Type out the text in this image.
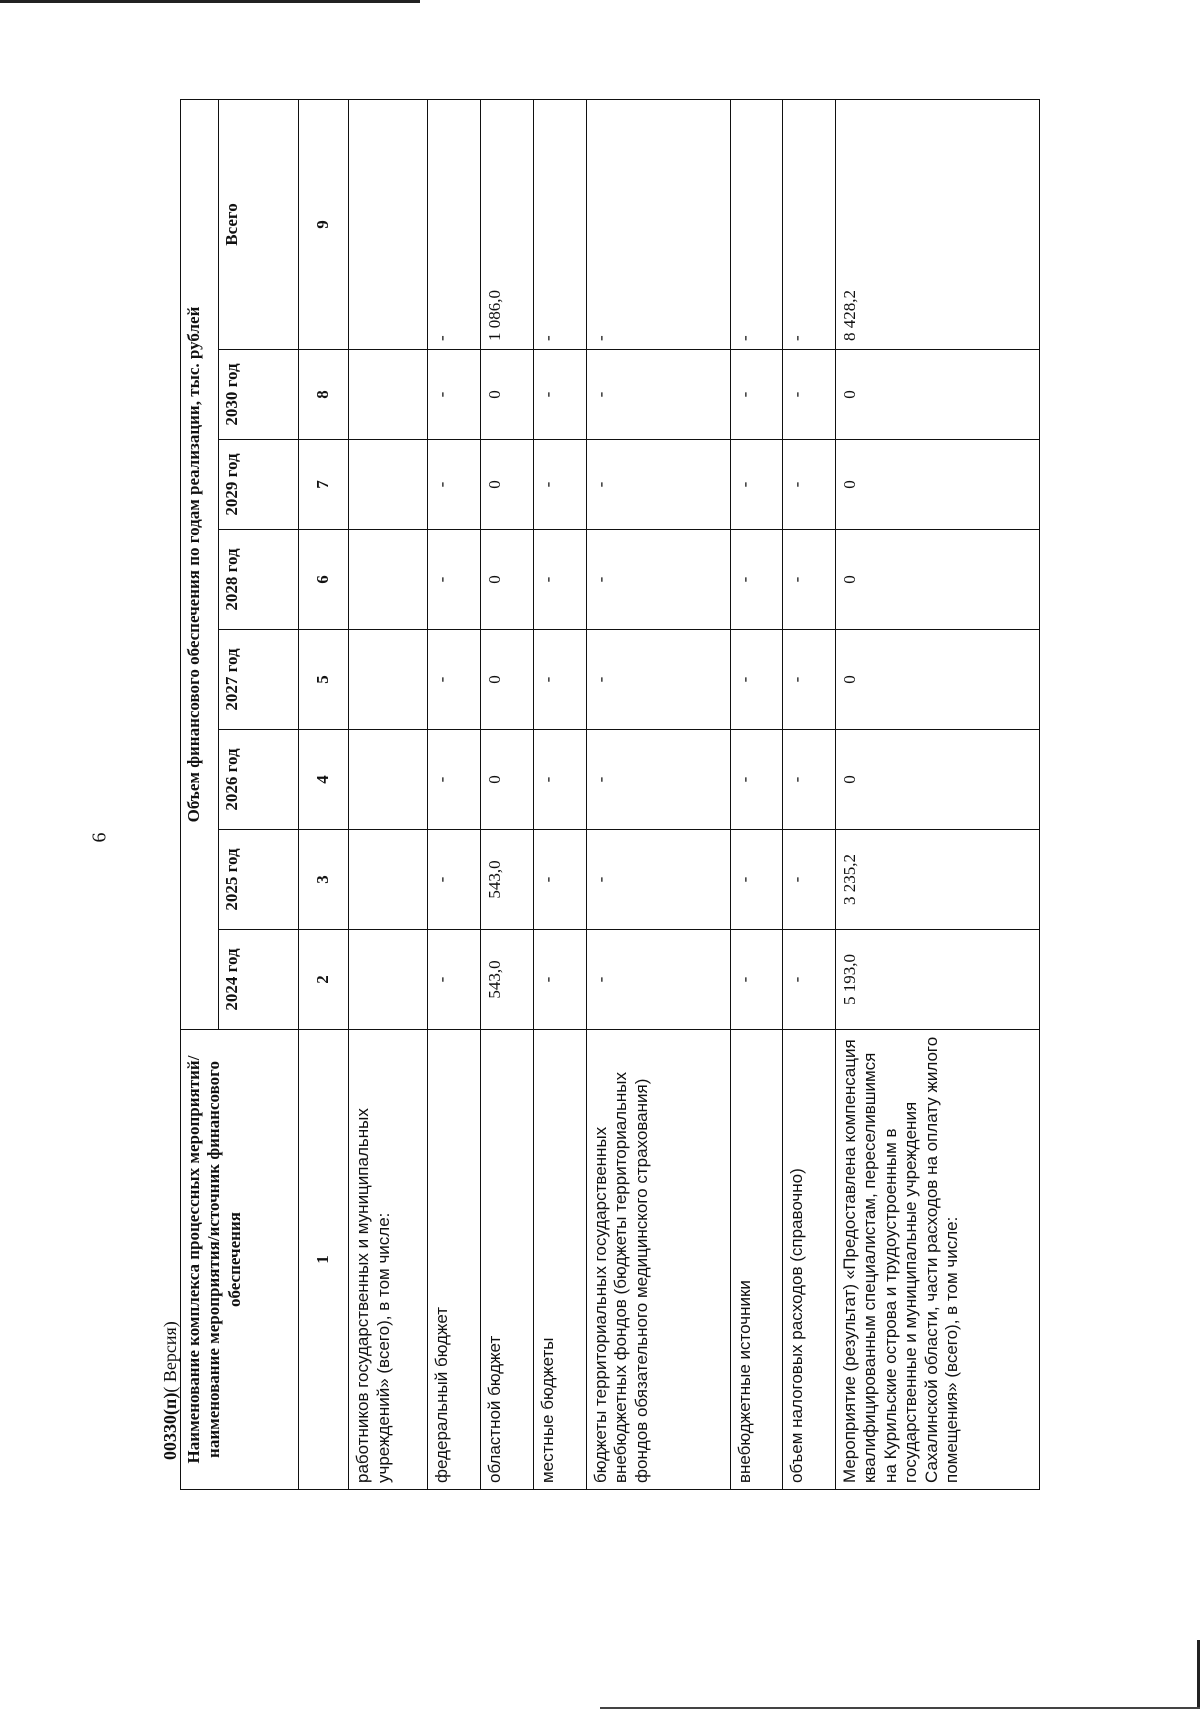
6
00330(п)( Версия) Наименование комплекса процессных мероприятий/наименование мероприятия/источник финансового обеспечения	Объем финансового обеспечения по годам реализации, тыс. рублей							
	2024 год	2025 год	2026 год	2027 год	2028 год	2029 год	2030 год	Всего
1	2	3	4	5	6	7	8	9
работников государственных и муниципальных учреждений» (всего), в том числе:								
федеральный бюджет	-	-	-	-	-	-	-	-
областной бюджет	543,0	543,0	0	0	0	0	0	1 086,0
местные бюджеты	-	-	-	-	-	-	-	-
бюджеты территориальных государственных внебюджетных фондов (бюджеты территориальных фондов обязательного медицинского страхования)	-	-	-	-	-	-	-	-
внебюджетные источники	-	-	-	-	-	-	-	-
объем налоговых расходов (справочно)	-	-	-	-	-	-	-	-
Мероприятие (результат) «Предоставлена компенсация квалифицированным специалистам, переселившимся на Курильские острова и трудоустроенным в государственные и муниципальные учреждения Сахалинской области, части расходов на оплату жилого помещения» (всего), в том числе:	5 193,0	3 235,2	0	0	0	0	0	8 428,2
